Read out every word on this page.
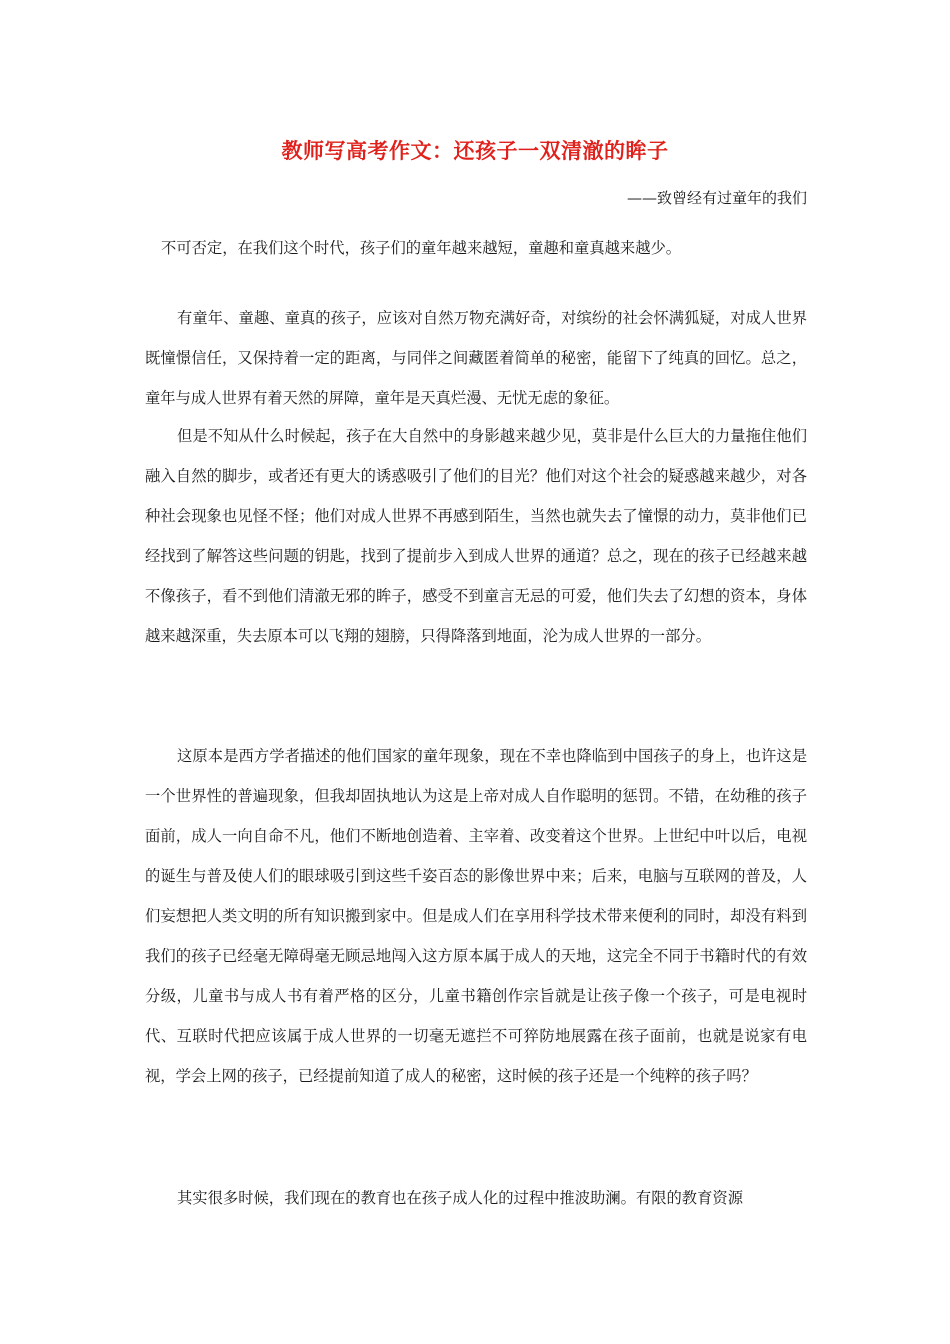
教师写高考作文：还孩子一双清澈的眸子
——致曾经有过童年的我们

不可否定，在我们这个时代，孩子们的童年越来越短，童趣和童真越来越少。

有童年、童趣、童真的孩子，应该对自然万物充满好奇，对缤纷的社会怀满狐疑，对成人世界既憧憬信任，又保持着一定的距离，与同伴之间藏匿着简单的秘密，能留下了纯真的回忆。总之，童年与成人世界有着天然的屏障，童年是天真烂漫、无忧无虑的象征。

但是不知从什么时候起，孩子在大自然中的身影越来越少见，莫非是什么巨大的力量拖住他们融入自然的脚步，或者还有更大的诱惑吸引了他们的目光？他们对这个社会的疑惑越来越少，对各种社会现象也见怪不怪；他们对成人世界不再感到陌生，当然也就失去了憧憬的动力，莫非他们已经找到了解答这些问题的钥匙，找到了提前步入到成人世界的通道？总之，现在的孩子已经越来越不像孩子，看不到他们清澈无邪的眸子，感受不到童言无忌的可爱，他们失去了幻想的资本，身体越来越深重，失去原本可以飞翔的翅膀，只得降落到地面，沦为成人世界的一部分。

这原本是西方学者描述的他们国家的童年现象，现在不幸也降临到中国孩子的身上，也许这是一个世界性的普遍现象，但我却固执地认为这是上帝对成人自作聪明的惩罚。不错，在幼稚的孩子面前，成人一向自命不凡，他们不断地创造着、主宰着、改变着这个世界。上世纪中叶以后，电视的诞生与普及使人们的眼球吸引到这些千姿百态的影像世界中来；后来，电脑与互联网的普及，人们妄想把人类文明的所有知识搬到家中。但是成人们在享用科学技术带来便利的同时，却没有料到我们的孩子已经毫无障碍毫无顾忌地闯入这方原本属于成人的天地，这完全不同于书籍时代的有效分级，儿童书与成人书有着严格的区分，儿童书籍创作宗旨就是让孩子像一个孩子，可是电视时代、互联时代把应该属于成人世界的一切毫无遮拦不可猝防地展露在孩子面前，也就是说家有电视，学会上网的孩子，已经提前知道了成人的秘密，这时候的孩子还是一个纯粹的孩子吗？

其实很多时候，我们现在的教育也在孩子成人化的过程中推波助澜。有限的教育资源
